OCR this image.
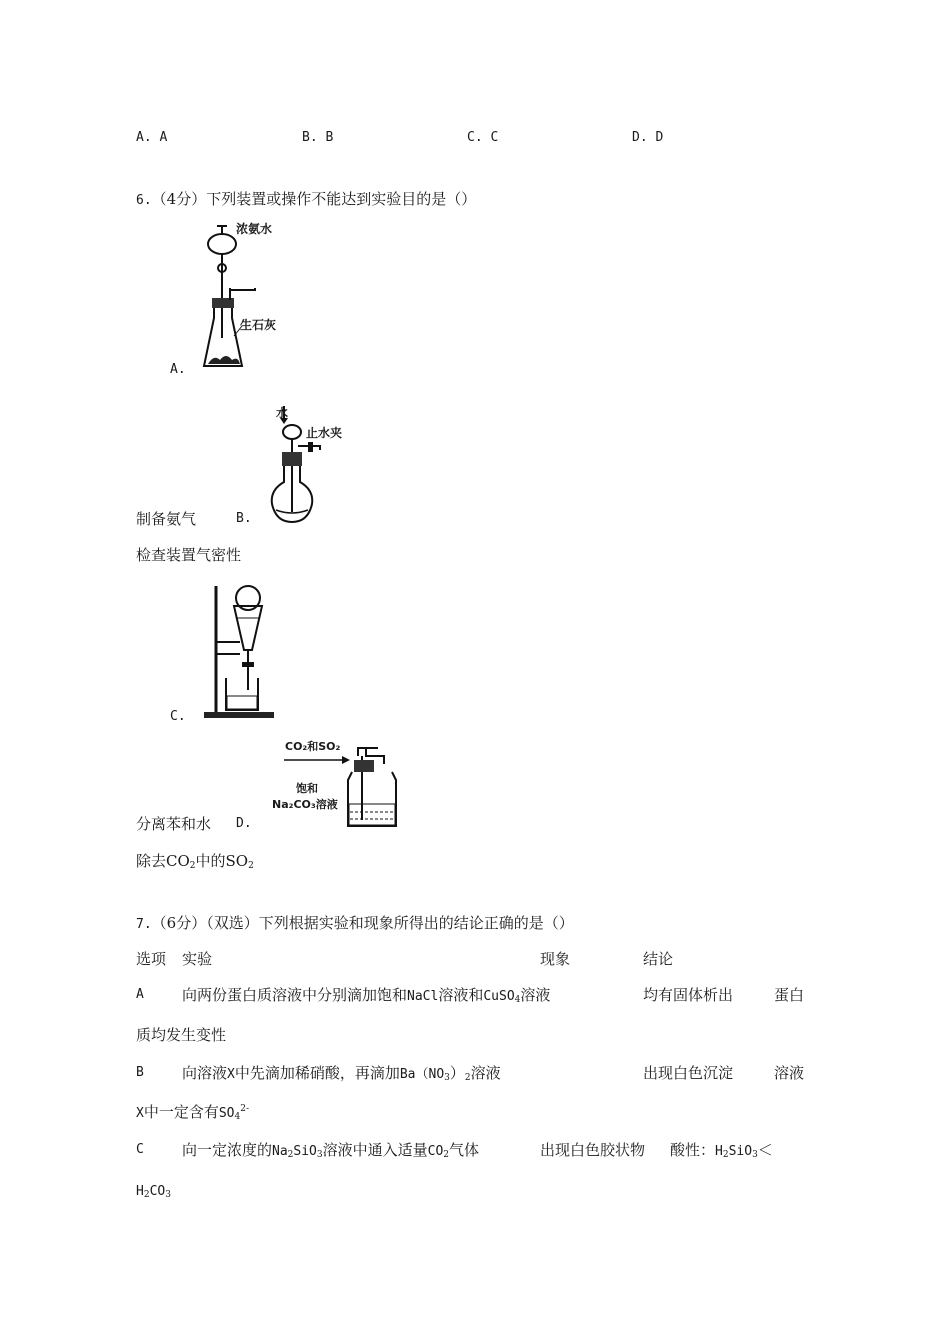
A. A	B. B	C. C	D. D
6.（4分）下列装置或操作不能达到实验目的是（）
浓氨水
生石灰
A.
水
止水夹
制备氨气	B.
检查装置气密性
C.
CO₂和SO₂
饱和
Na₂CO₃溶液
分离苯和水 D.
除去$CO_2$中的$SO_2$
7.（6分）（双选）下列根据实验和现象所得出的结论正确的是（）
选项 实验	现象	结论
A	向两份蛋白质溶液中分别滴加饱和NaCl溶液和CuSO$_4$溶液	均有固体析出	蛋白
质均发生变性
B	向溶液X中先滴加稀硝酸，再滴加$Ba(NO_3)_2$溶液	出现白色沉淀	溶液
X中一定含有$SO_4^{2-}$
C	向一定浓度的$Na_2SiO_3$溶液中通入适量$CO_2$气体	出现白色胶状物 酸性：$H_2SiO_3<$
$H_2CO_3$
